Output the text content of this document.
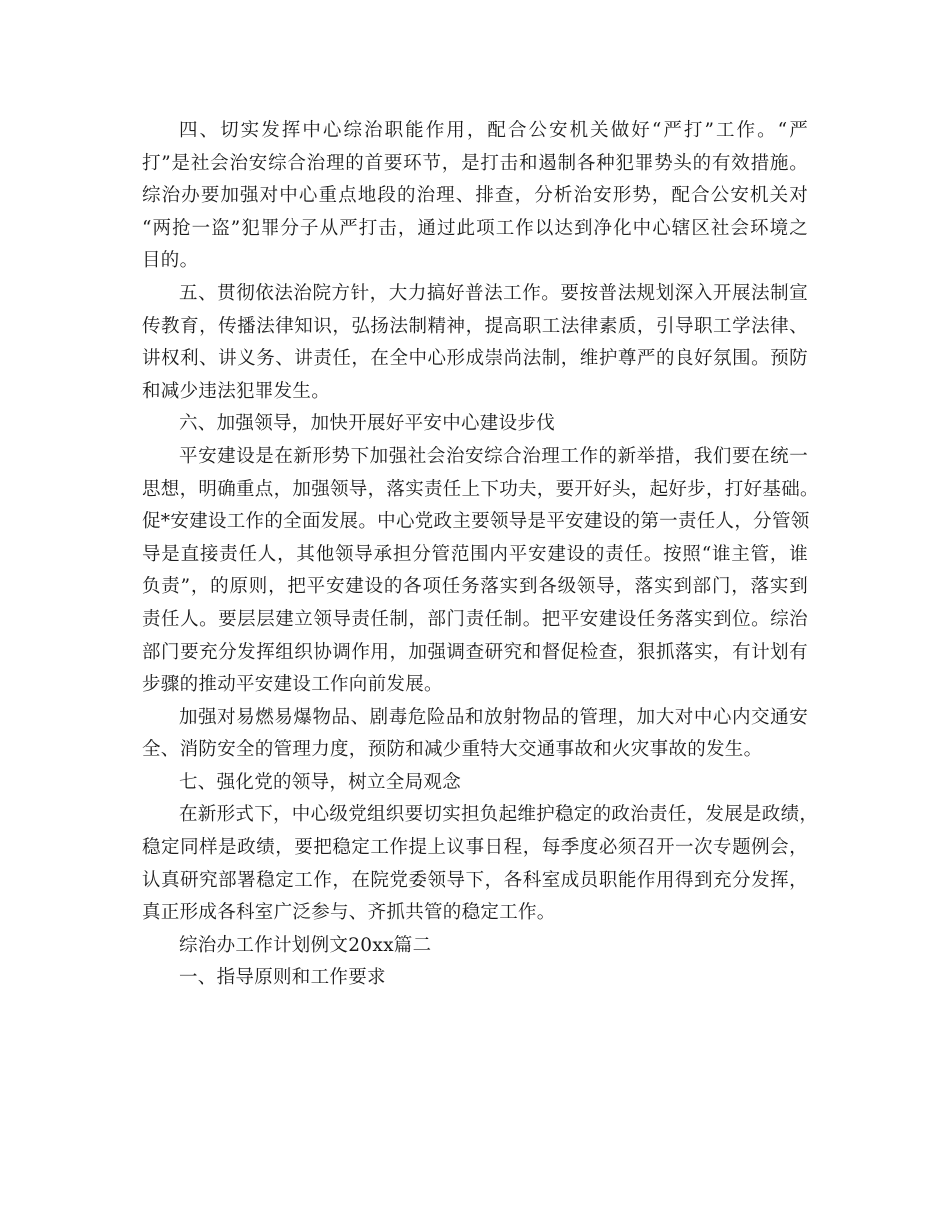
四、切实发挥中心综治职能作用，配合公安机关做好“严打”工作。“严
打”是社会治安综合治理的首要环节，是打击和遏制各种犯罪势头的有效措施。
综治办要加强对中心重点地段的治理、排查，分析治安形势，配合公安机关对
“两抢一盗”犯罪分子从严打击，通过此项工作以达到净化中心辖区社会环境之
目的。
五、贯彻依法治院方针，大力搞好普法工作。要按普法规划深入开展法制宣
传教育，传播法律知识，弘扬法制精神，提高职工法律素质，引导职工学法律、
讲权利、讲义务、讲责任，在全中心形成崇尚法制，维护尊严的良好氛围。预防
和减少违法犯罪发生。
六、加强领导，加快开展好平安中心建设步伐
平安建设是在新形势下加强社会治安综合治理工作的新举措，我们要在统一
思想，明确重点，加强领导，落实责任上下功夫，要开好头，起好步，打好基础。
促*安建设工作的全面发展。中心党政主要领导是平安建设的第一责任人，分管领
导是直接责任人，其他领导承担分管范围内平安建设的责任。按照“谁主管，谁
负责”，的原则，把平安建设的各项任务落实到各级领导，落实到部门，落实到
责任人。要层层建立领导责任制，部门责任制。把平安建设任务落实到位。综治
部门要充分发挥组织协调作用，加强调查研究和督促检查，狠抓落实，有计划有
步骤的推动平安建设工作向前发展。
加强对易燃易爆物品、剧毒危险品和放射物品的管理，加大对中心内交通安
全、消防安全的管理力度，预防和减少重特大交通事故和火灾事故的发生。
七、强化党的领导，树立全局观念
在新形式下，中心级党组织要切实担负起维护稳定的政治责任，发展是政绩，
稳定同样是政绩，要把稳定工作提上议事日程，每季度必须召开一次专题例会，
认真研究部署稳定工作，在院党委领导下，各科室成员职能作用得到充分发挥，
真正形成各科室广泛参与、齐抓共管的稳定工作。
综治办工作计划例文20xx篇二
一、指导原则和工作要求
